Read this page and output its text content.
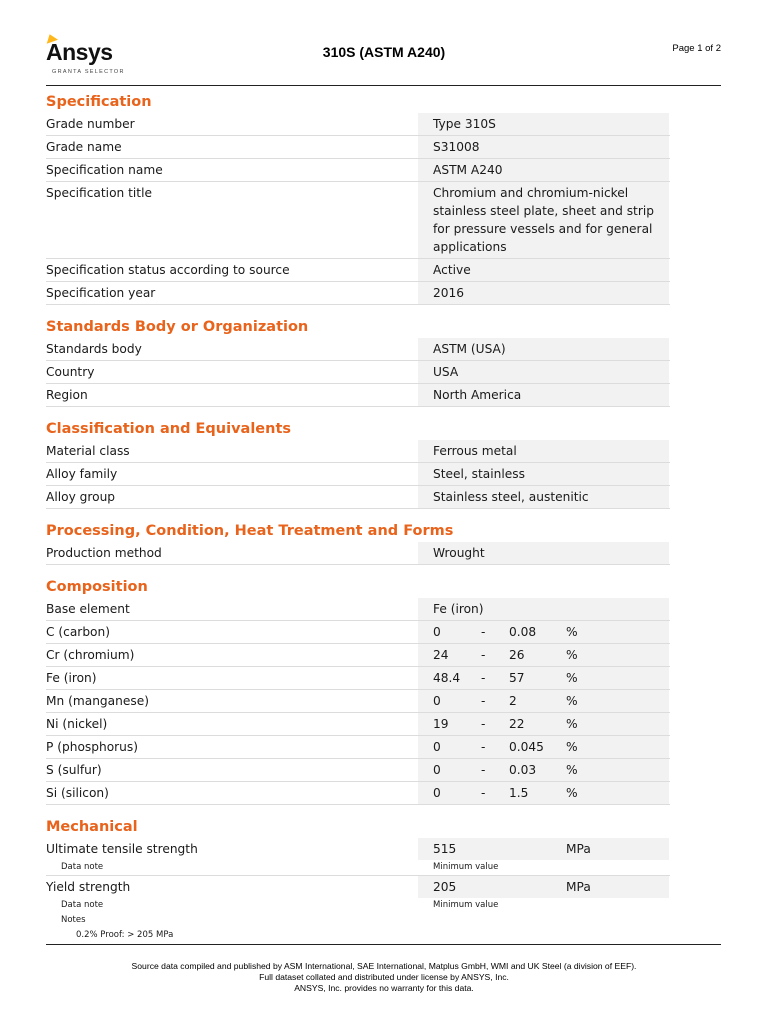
Ansys
GRANTA SELECTOR
310S (ASTM A240)	Page 1 of 2
Specification
Grade number	Type 310S
Grade name	S31008
Specification name	ASTM A240
Specification title	Chromium and chromium-nickel stainless steel plate, sheet and strip for pressure vessels and for general applications
Specification status according to source	Active
Specification year	2016
Standards Body or Organization
Standards body	ASTM (USA)
Country	USA
Region	North America
Classification and Equivalents
Material class	Ferrous metal
Alloy family	Steel, stainless
Alloy group	Stainless steel, austenitic
Processing, Condition, Heat Treatment and Forms
Production method	Wrought
Composition
Base element	Fe (iron)
C (carbon)	0	-	0.08	%
Cr (chromium)	24	-	26	%
Fe (iron)	48.4	-	57	%
Mn (manganese)	0	-	2	%
Ni (nickel)	19	-	22	%
P (phosphorus)	0	-	0.045	%
S (sulfur)	0	-	0.03	%
Si (silicon)	0	-	1.5	%
Mechanical
Ultimate tensile strength	515	MPa
Data note	Minimum value
Yield strength	205	MPa
Data note	Minimum value
Notes
0.2% Proof: > 205 MPa
Source data compiled and published by ASM International, SAE International, Matplus GmbH, WMI and UK Steel (a division of EEF).
Full dataset collated and distributed under license by ANSYS, Inc.
ANSYS, Inc. provides no warranty for this data.
